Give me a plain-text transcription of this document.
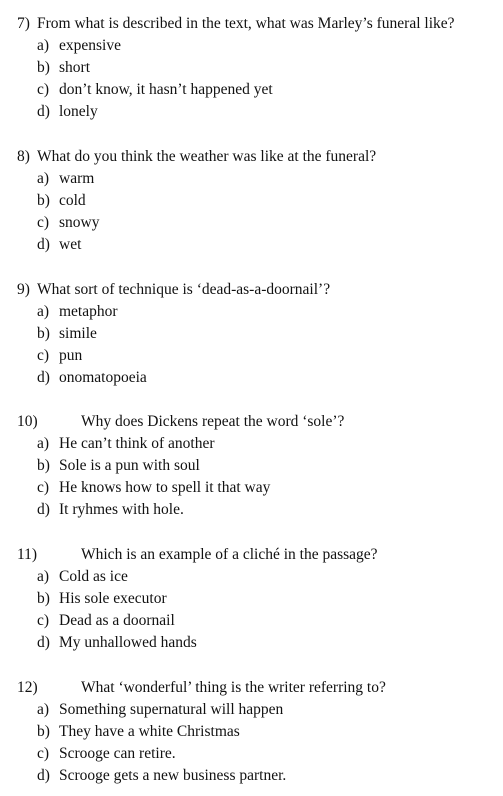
7) From what is described in the text, what was Marley’s funeral like?
a) expensive
b) short
c) don’t know, it hasn’t happened yet
d) lonely
8) What do you think the weather was like at the funeral?
a) warm
b) cold
c) snowy
d) wet
9) What sort of technique is ‘dead-as-a-doornail’?
a) metaphor
b) simile
c) pun
d) onomatopoeia
10)	Why does Dickens repeat the word ‘sole’?
a) He can’t think of another
b) Sole is a pun with soul
c) He knows how to spell it that way
d) It ryhmes with hole.
11)	Which is an example of a cliché in the passage?
a) Cold as ice
b) His sole executor
c) Dead as a doornail
d) My unhallowed hands
12)	What ‘wonderful’ thing is the writer referring to?
a) Something supernatural will happen
b) They have a white Christmas
c) Scrooge can retire.
d) Scrooge gets a new business partner.
